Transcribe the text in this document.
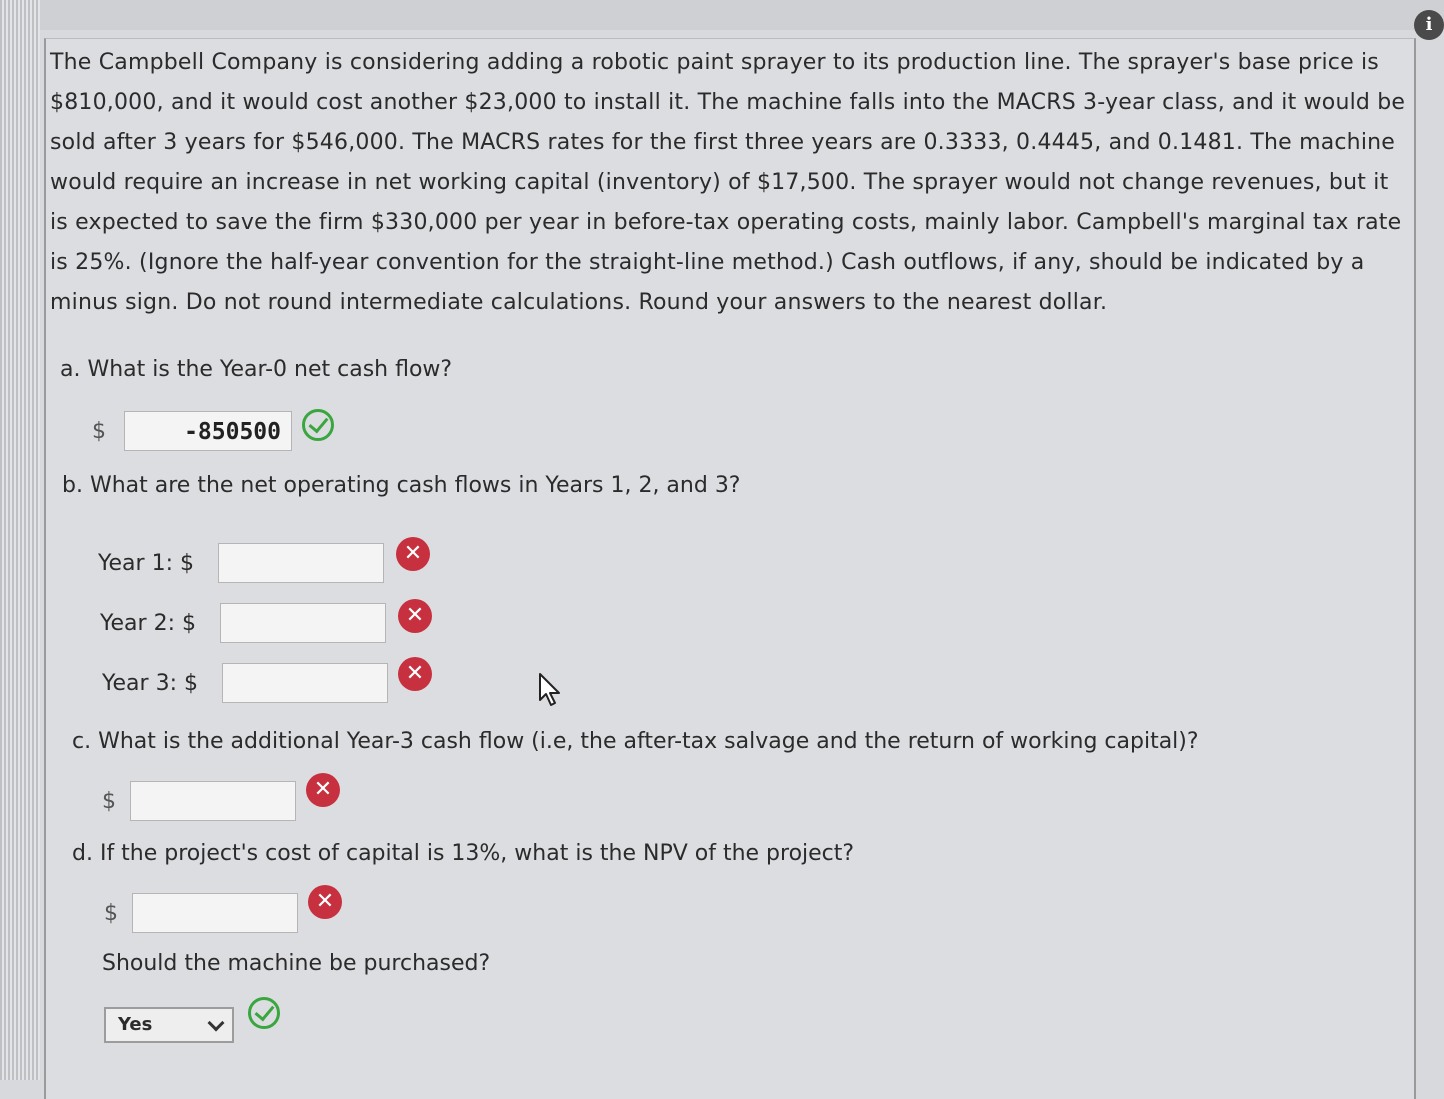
i

The Campbell Company is considering adding a robotic paint sprayer to its production line. The sprayer's base price is $810,000, and it would cost another $23,000 to install it. The machine falls into the MACRS 3-year class, and it would be sold after 3 years for $546,000. The MACRS rates for the first three years are 0.3333, 0.4445, and 0.1481. The machine would require an increase in net working capital (inventory) of $17,500. The sprayer would not change revenues, but it is expected to save the firm $330,000 per year in before-tax operating costs, mainly labor. Campbell's marginal tax rate is 25%. (Ignore the half-year convention for the straight-line method.) Cash outflows, if any, should be indicated by a minus sign. Do not round intermediate calculations. Round your answers to the nearest dollar.

a. What is the Year-0 net cash flow?
$	-850500
b. What are the net operating cash flows in Years 1, 2, and 3?
Year 1: $	✕
Year 2: $	✕
Year 3: $	✕
c. What is the additional Year-3 cash flow (i.e, the after-tax salvage and the return of working capital)?
$	✕
d. If the project's cost of capital is 13%, what is the NPV of the project?
$	✕
Should the machine be purchased?
Yes
